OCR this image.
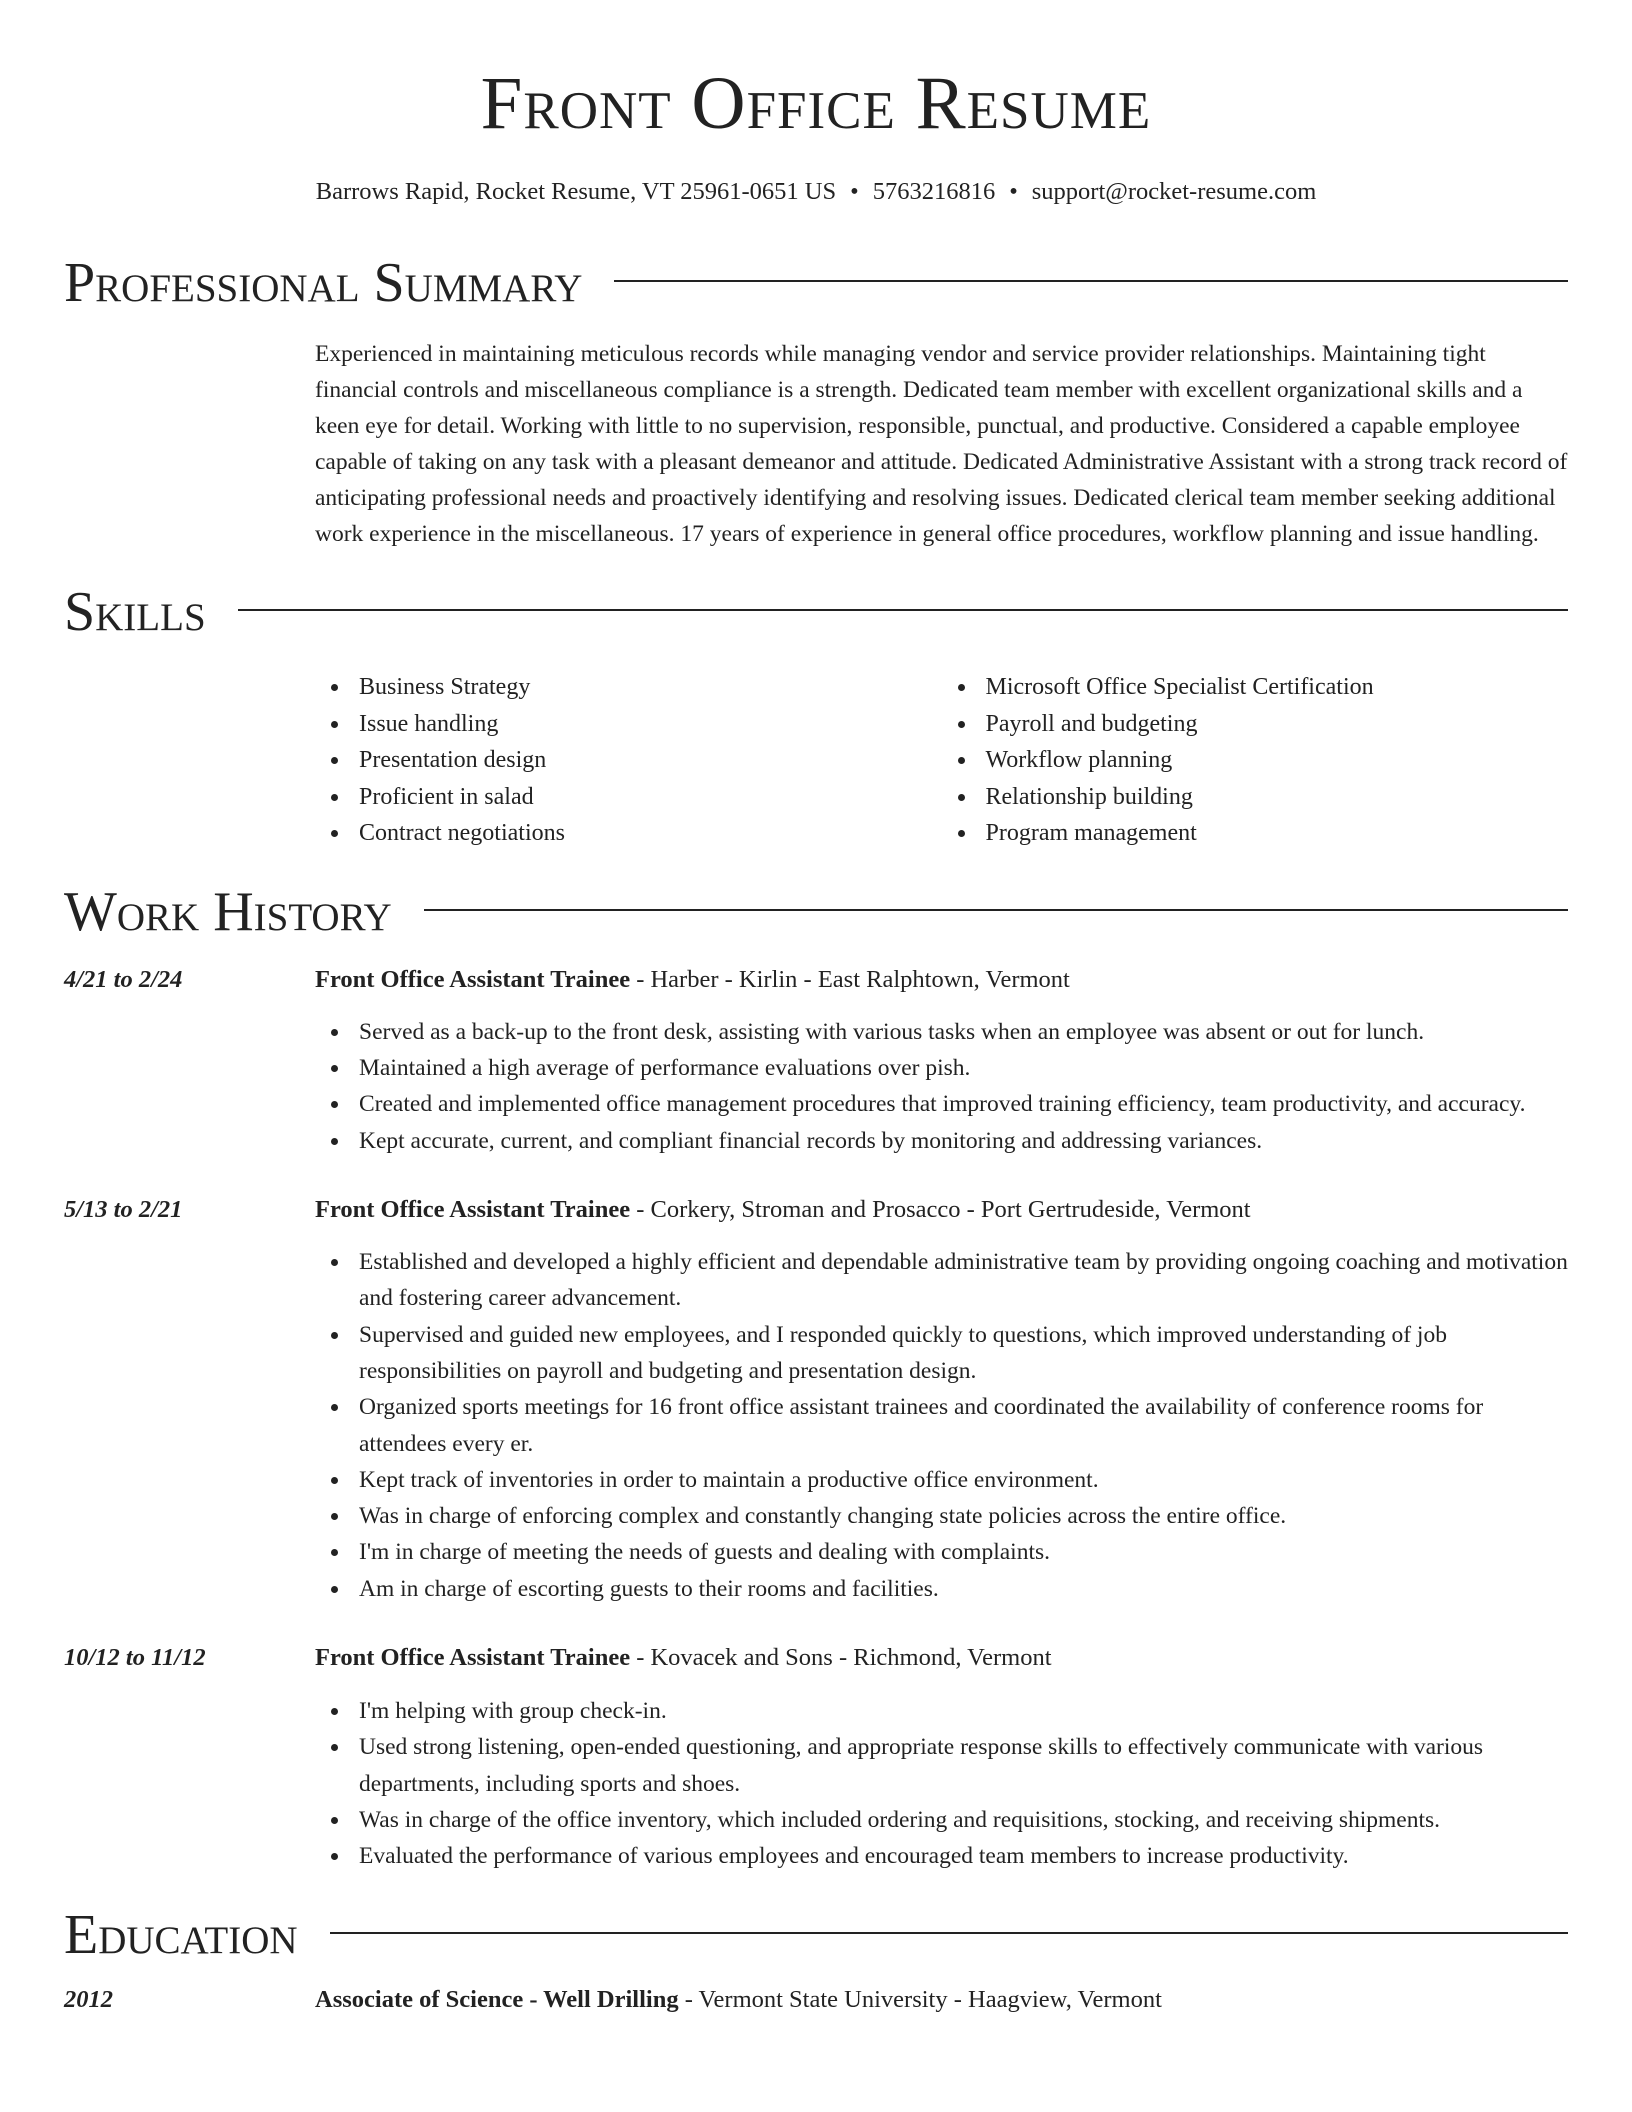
Front Office Resume
Barrows Rapid, Rocket Resume, VT 25961-0651 US • 5763216816 • support@rocket-resume.com
Professional Summary

Experienced in maintaining meticulous records while managing vendor and service provider relationships. Maintaining tight financial controls and miscellaneous compliance is a strength. Dedicated team member with excellent organizational skills and a keen eye for detail. Working with little to no supervision, responsible, punctual, and productive. Considered a capable employee capable of taking on any task with a pleasant demeanor and attitude. Dedicated Administrative Assistant with a strong track record of anticipating professional needs and proactively identifying and resolving issues. Dedicated clerical team member seeking additional work experience in the miscellaneous. 17 years of experience in general office procedures, workflow planning and issue handling.

Skills
Business Strategy
Issue handling
Presentation design
Proficient in salad
Contract negotiations
Microsoft Office Specialist Certification
Payroll and budgeting
Workflow planning
Relationship building
Program management
Work History
4/21 to 2/24	Front Office Assistant Trainee - Harber - Kirlin - East Ralphtown, Vermont
Served as a back-up to the front desk, assisting with various tasks when an employee was absent or out for lunch.
Maintained a high average of performance evaluations over pish.
Created and implemented office management procedures that improved training efficiency, team productivity, and accuracy.
Kept accurate, current, and compliant financial records by monitoring and addressing variances.
5/13 to 2/21	Front Office Assistant Trainee - Corkery, Stroman and Prosacco - Port Gertrudeside, Vermont
Established and developed a highly efficient and dependable administrative team by providing ongoing coaching and motivation and fostering career advancement.
Supervised and guided new employees, and I responded quickly to questions, which improved understanding of job responsibilities on payroll and budgeting and presentation design.
Organized sports meetings for 16 front office assistant trainees and coordinated the availability of conference rooms for attendees every er.
Kept track of inventories in order to maintain a productive office environment.
Was in charge of enforcing complex and constantly changing state policies across the entire office.
I'm in charge of meeting the needs of guests and dealing with complaints.
Am in charge of escorting guests to their rooms and facilities.
10/12 to 11/12	Front Office Assistant Trainee - Kovacek and Sons - Richmond, Vermont
I'm helping with group check-in.
Used strong listening, open-ended questioning, and appropriate response skills to effectively communicate with various departments, including sports and shoes.
Was in charge of the office inventory, which included ordering and requisitions, stocking, and receiving shipments.
Evaluated the performance of various employees and encouraged team members to increase productivity.
Education
2012	Associate of Science - Well Drilling - Vermont State University - Haagview, Vermont
